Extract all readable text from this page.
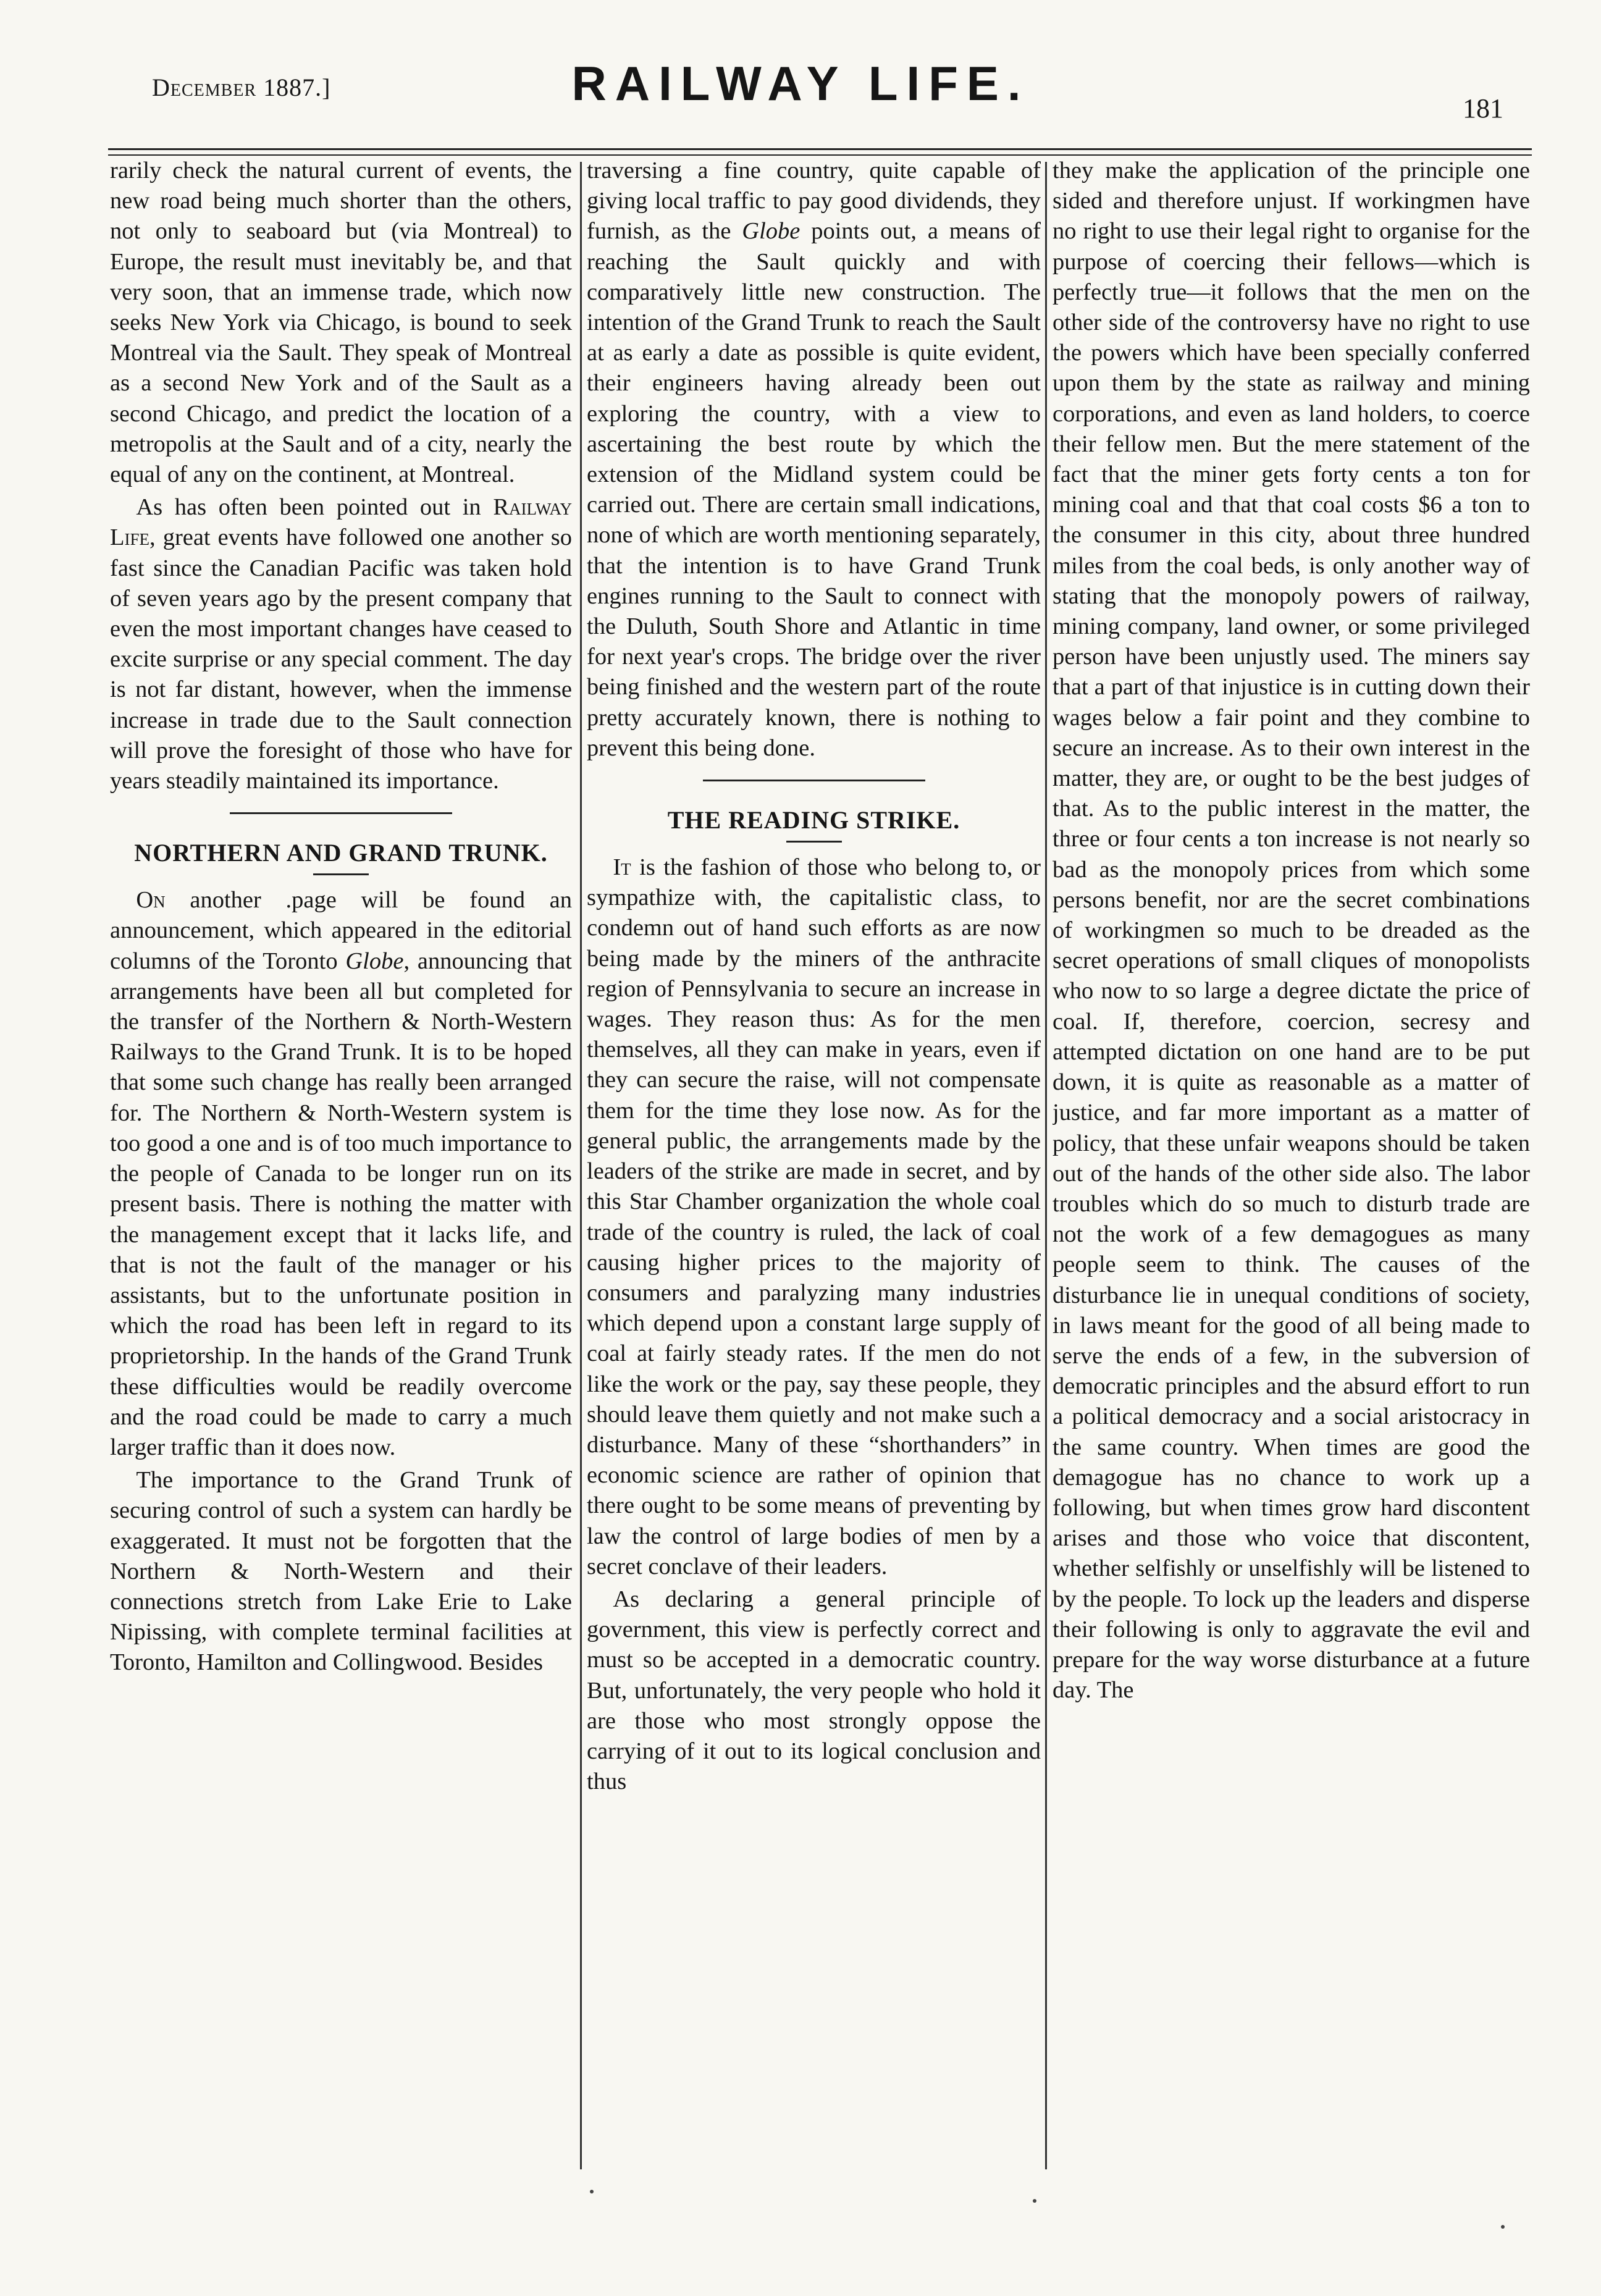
December 1887.]	RAILWAY LIFE.	181

rarily check the natural current of events, the new road being much shorter than the others, not only to seaboard but (via Montreal) to Europe, the result must inevitably be, and that very soon, that an immense trade, which now seeks New York via Chicago, is bound to seek Montreal via the Sault. They speak of Montreal as a second New York and of the Sault as a second Chicago, and predict the location of a metropolis at the Sault and of a city, nearly the equal of any on the continent, at Montreal.

As has often been pointed out in Railway Life, great events have followed one another so fast since the Canadian Pacific was taken hold of seven years ago by the present company that even the most important changes have ceased to excite surprise or any special comment. The day is not far distant, however, when the immense increase in trade due to the Sault connection will prove the foresight of those who have for years steadily maintained its importance.

NORTHERN AND GRAND TRUNK.

On another .page will be found an announcement, which appeared in the editorial columns of the Toronto Globe, announcing that arrangements have been all but completed for the transfer of the Northern & North-Western Railways to the Grand Trunk. It is to be hoped that some such change has really been arranged for. The Northern & North-Western system is too good a one and is of too much importance to the people of Canada to be longer run on its present basis. There is nothing the matter with the management except that it lacks life, and that is not the fault of the manager or his assistants, but to the unfortunate position in which the road has been left in regard to its proprietorship. In the hands of the Grand Trunk these difficulties would be readily overcome and the road could be made to carry a much larger traffic than it does now.

The importance to the Grand Trunk of securing control of such a system can hardly be exaggerated. It must not be forgotten that the Northern & North-Western and their connections stretch from Lake Erie to Lake Nipissing, with complete terminal facilities at Toronto, Hamilton and Collingwood. Besides

traversing a fine country, quite capable of giving local traffic to pay good dividends, they furnish, as the Globe points out, a means of reaching the Sault quickly and with comparatively little new construction. The intention of the Grand Trunk to reach the Sault at as early a date as possible is quite evident, their engineers having already been out exploring the country, with a view to ascertaining the best route by which the extension of the Midland system could be carried out. There are certain small indications, none of which are worth mentioning separately, that the intention is to have Grand Trunk engines running to the Sault to connect with the Duluth, South Shore and Atlantic in time for next year's crops. The bridge over the river being finished and the western part of the route pretty accurately known, there is nothing to prevent this being done.

THE READING STRIKE.

It is the fashion of those who belong to, or sympathize with, the capitalistic class, to condemn out of hand such efforts as are now being made by the miners of the anthracite region of Pennsylvania to secure an increase in wages. They reason thus: As for the men themselves, all they can make in years, even if they can secure the raise, will not compensate them for the time they lose now. As for the general public, the arrangements made by the leaders of the strike are made in secret, and by this Star Chamber organization the whole coal trade of the country is ruled, the lack of coal causing higher prices to the majority of consumers and paralyzing many industries which depend upon a constant large supply of coal at fairly steady rates. If the men do not like the work or the pay, say these people, they should leave them quietly and not make such a disturbance. Many of these “shorthanders” in economic science are rather of opinion that there ought to be some means of preventing by law the control of large bodies of men by a secret conclave of their leaders.

As declaring a general principle of government, this view is perfectly correct and must so be accepted in a democratic country. But, unfortunately, the very people who hold it are those who most strongly oppose the carrying of it out to its logical conclusion and thus

they make the application of the principle one sided and therefore unjust. If workingmen have no right to use their legal right to organise for the purpose of coercing their fellows—which is perfectly true—it follows that the men on the other side of the controversy have no right to use the powers which have been specially conferred upon them by the state as railway and mining corporations, and even as land holders, to coerce their fellow men. But the mere statement of the fact that the miner gets forty cents a ton for mining coal and that that coal costs $6 a ton to the consumer in this city, about three hundred miles from the coal beds, is only another way of stating that the monopoly powers of railway, mining company, land owner, or some privileged person have been unjustly used. The miners say that a part of that injustice is in cutting down their wages below a fair point and they combine to secure an increase. As to their own interest in the matter, they are, or ought to be the best judges of that. As to the public interest in the matter, the three or four cents a ton increase is not nearly so bad as the monopoly prices from which some persons benefit, nor are the secret combinations of workingmen so much to be dreaded as the secret operations of small cliques of monopolists who now to so large a degree dictate the price of coal. If, therefore, coercion, secresy and attempted dictation on one hand are to be put down, it is quite as reasonable as a matter of justice, and far more important as a matter of policy, that these unfair weapons should be taken out of the hands of the other side also. The labor troubles which do so much to disturb trade are not the work of a few demagogues as many people seem to think. The causes of the disturbance lie in unequal conditions of society, in laws meant for the good of all being made to serve the ends of a few, in the subversion of democratic principles and the absurd effort to run a political democracy and a social aristocracy in the same country. When times are good the demagogue has no chance to work up a following, but when times grow hard discontent arises and those who voice that discontent, whether selfishly or unselfishly will be listened to by the people. To lock up the leaders and disperse their following is only to aggravate the evil and prepare for the way worse disturbance at a future day. The
